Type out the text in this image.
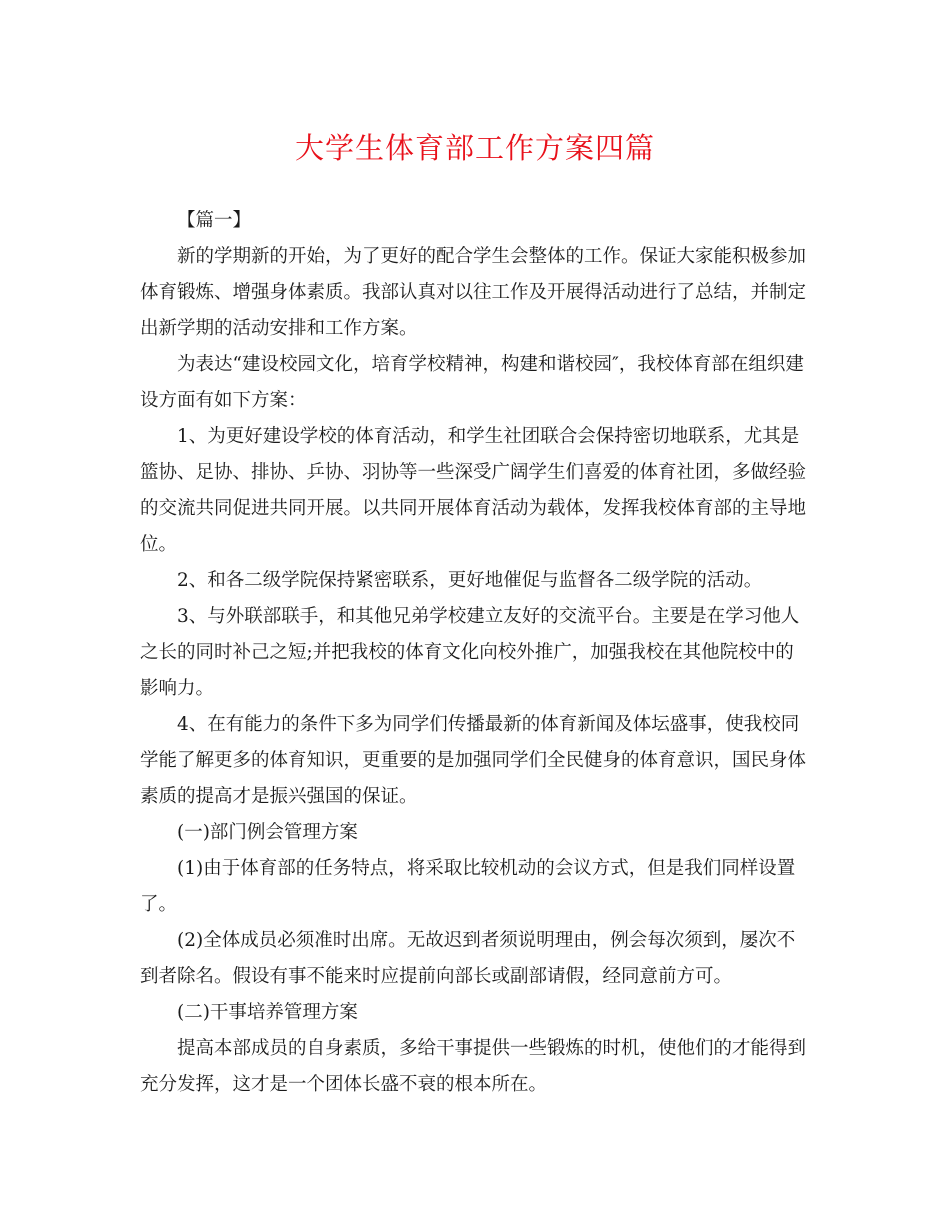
大学生体育部工作方案四篇

【篇一】

新的学期新的开始，为了更好的配合学生会整体的工作。保证大家能积极参加体育锻炼、增强身体素质。我部认真对以往工作及开展得活动进行了总结，并制定出新学期的活动安排和工作方案。

为表达“建设校园文化，培育学校精神，构建和谐校园″，我校体育部在组织建设方面有如下方案：

1、为更好建设学校的体育活动，和学生社团联合会保持密切地联系，尤其是篮协、足协、排协、乒协、羽协等一些深受广阔学生们喜爱的体育社团，多做经验的交流共同促进共同开展。以共同开展体育活动为载体，发挥我校体育部的主导地位。

2、和各二级学院保持紧密联系，更好地催促与监督各二级学院的活动。

3、与外联部联手，和其他兄弟学校建立友好的交流平台。主要是在学习他人之长的同时补己之短;并把我校的体育文化向校外推广，加强我校在其他院校中的影响力。

4、在有能力的条件下多为同学们传播最新的体育新闻及体坛盛事，使我校同学能了解更多的体育知识，更重要的是加强同学们全民健身的体育意识，国民身体素质的提高才是振兴强国的保证。

(一)部门例会管理方案

(1)由于体育部的任务特点，将采取比较机动的会议方式，但是我们同样设置了。

(2)全体成员必须准时出席。无故迟到者须说明理由，例会每次须到，屡次不到者除名。假设有事不能来时应提前向部长或副部请假，经同意前方可。

(二)干事培养管理方案

提高本部成员的自身素质，多给干事提供一些锻炼的时机，使他们的才能得到充分发挥，这才是一个团体长盛不衰的根本所在。
